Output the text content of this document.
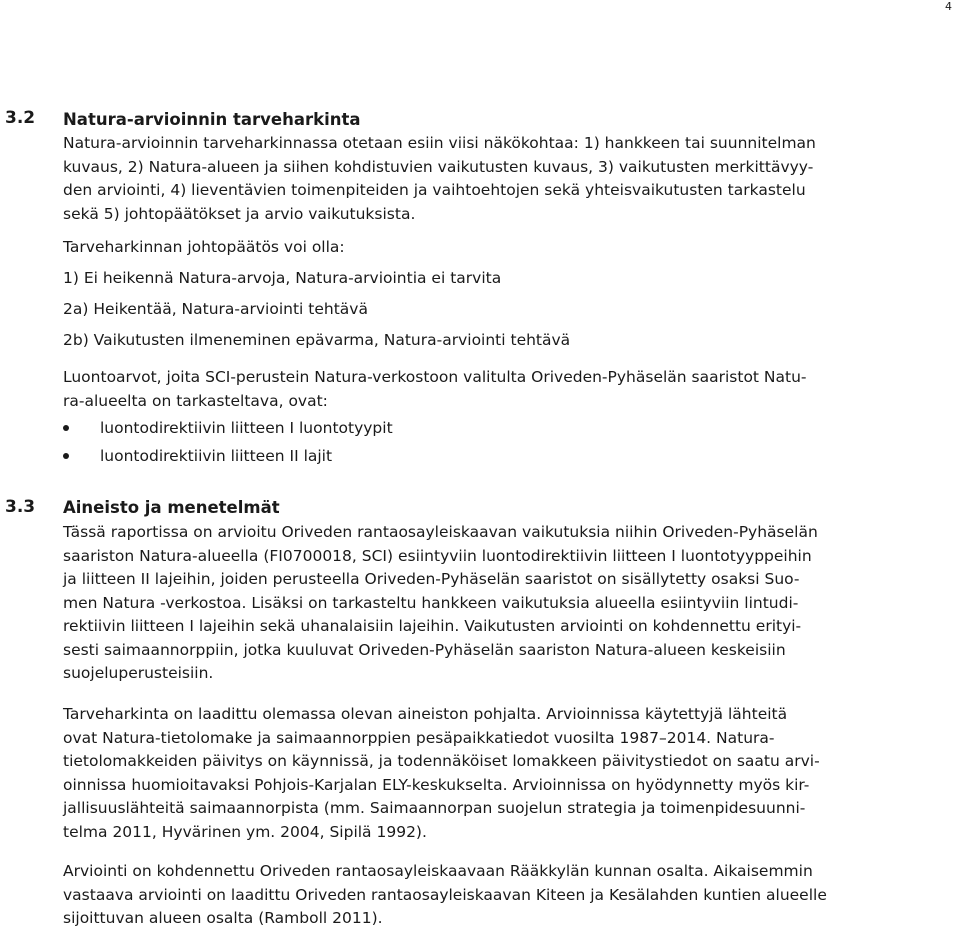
4
3.2 Natura-arvioinnin tarveharkinta
Natura-arvioinnin tarveharkinnassa otetaan esiin viisi näkökohtaa: 1) hankkeen tai suunnitelman
kuvaus, 2) Natura-alueen ja siihen kohdistuvien vaikutusten kuvaus, 3) vaikutusten merkittävyy-
den arviointi, 4) lieventävien toimenpiteiden ja vaihtoehtojen sekä yhteisvaikutusten tarkastelu
sekä 5) johtopäätökset ja arvio vaikutuksista.
Tarveharkinnan johtopäätös voi olla:
1) Ei heikennä Natura-arvoja, Natura-arviointia ei tarvita
2a) Heikentää, Natura-arviointi tehtävä
2b) Vaikutusten ilmeneminen epävarma, Natura-arviointi tehtävä
Luontoarvot, joita SCI-perustein Natura-verkostoon valitulta Oriveden-Pyhäselän saaristot Natu-
ra-alueelta on tarkasteltava, ovat:
luontodirektiivin liitteen I luontotyypit
luontodirektiivin liitteen II lajit
3.3 Aineisto ja menetelmät
Tässä raportissa on arvioitu Oriveden rantaosayleiskaavan vaikutuksia niihin Oriveden-Pyhäselän
saariston Natura-alueella (FI0700018, SCI) esiintyviin luontodirektiivin liitteen I luontotyyppeihin
ja liitteen II lajeihin, joiden perusteella Oriveden-Pyhäselän saaristot on sisällytetty osaksi Suo-
men Natura -verkostoa. Lisäksi on tarkasteltu hankkeen vaikutuksia alueella esiintyviin lintudi-
rektiivin liitteen I lajeihin sekä uhanalaisiin lajeihin. Vaikutusten arviointi on kohdennettu erityi-
sesti saimaannorppiin, jotka kuuluvat Oriveden-Pyhäselän saariston Natura-alueen keskeisiin
suojeluperusteisiin.
Tarveharkinta on laadittu olemassa olevan aineiston pohjalta. Arvioinnissa käytettyjä lähteitä
ovat Natura-tietolomake ja saimaannorppien pesäpaikkatiedot vuosilta 1987–2014. Natura-
tietolomakkeiden päivitys on käynnissä, ja todennäköiset lomakkeen päivitystiedot on saatu arvi-
oinnissa huomioitavaksi Pohjois-Karjalan ELY-keskukselta. Arvioinnissa on hyödynnetty myös kir-
jallisuuslähteitä saimaannorpista (mm. Saimaannorpan suojelun strategia ja toimenpidesuunni-
telma 2011, Hyvärinen ym. 2004, Sipilä 1992).
Arviointi on kohdennettu Oriveden rantaosayleiskaavaan Rääkkylän kunnan osalta. Aikaisemmin
vastaava arviointi on laadittu Oriveden rantaosayleiskaavan Kiteen ja Kesälahden kuntien alueelle
sijoittuvan alueen osalta (Ramboll 2011).
